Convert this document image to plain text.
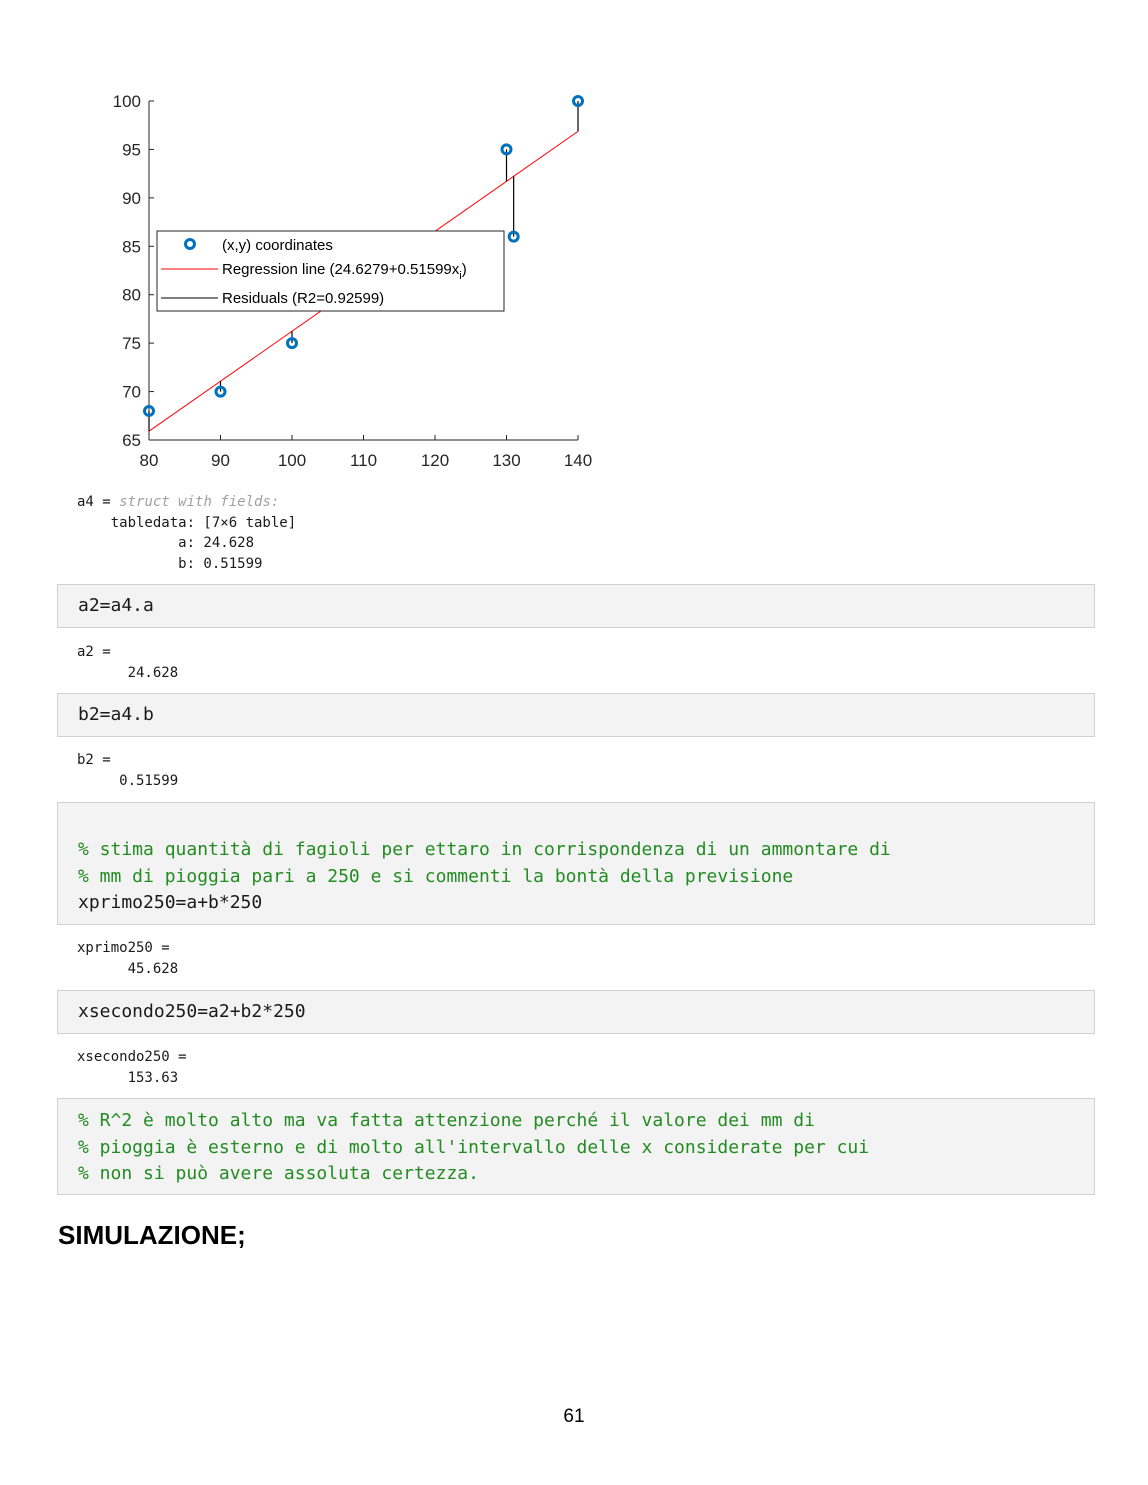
80	90	100	110	120	130	140
65
70
75
80
85
90
95
100
(x,y) coordinates
Regression line $(24.6279+0.51599x_i)$
Residuals (R2=0.92599)
a4 = struct with fields:
tabledata: [7×6 table]
a: 24.628
b: 0.51599
a2=a4.a
a2 =
24.628
b2=a4.b
b2 =
0.51599
% stima quantità di fagioli per ettaro in corrispondenza di un ammontare di
% mm di pioggia pari a 250 e si commenti la bontà della previsione
xprimo250=a+b*250
xprimo250 =
45.628
xsecondo250=a2+b2*250
xsecondo250 =
153.63
% R^2 è molto alto ma va fatta attenzione perché il valore dei mm di
% pioggia è esterno e di molto all'intervallo delle x considerate per cui
% non si può avere assoluta certezza.
SIMULAZIONE;
61
